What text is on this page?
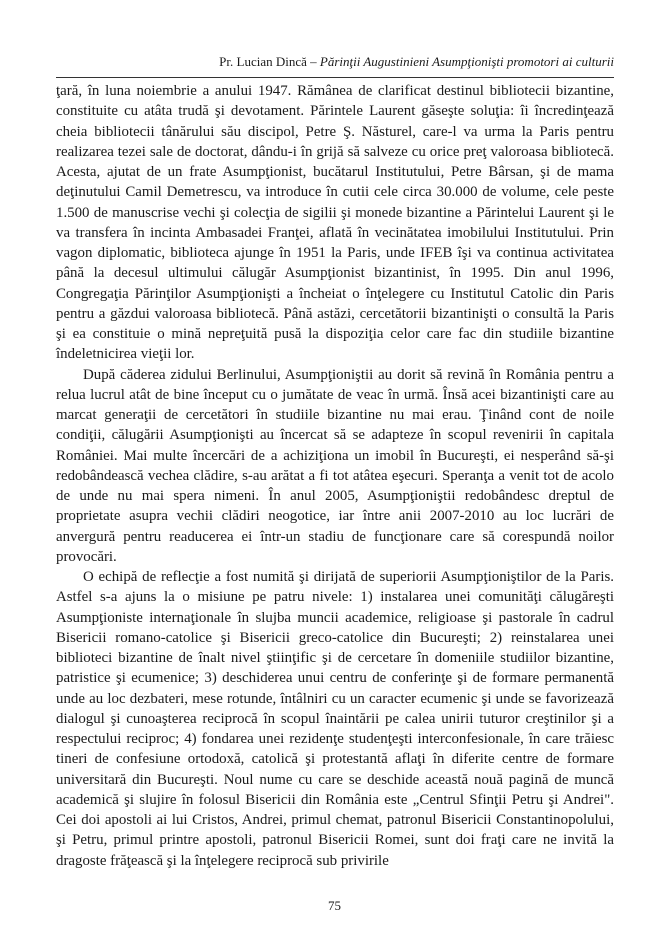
Pr. Lucian Dincă – Părinţii Augustinieni Asumpţionişti promotori ai culturii

ţară, în luna noiembrie a anului 1947. Rămânea de clarificat destinul bibliotecii bizantine, constituite cu atâta trudă şi devotament. Părintele Laurent găseşte soluţia: îi încredinţează cheia bibliotecii tânărului său discipol, Petre Ş. Năsturel, care-l va urma la Paris pentru realizarea tezei sale de doctorat, dându-i în grijă să salveze cu orice preţ valoroasa bibliotecă. Acesta, ajutat de un frate Asumpţionist, bucătarul Institutului, Petre Bârsan, şi de mama deţinutului Camil Demetrescu, va introduce în cutii cele circa 30.000 de volume, cele peste 1.500 de manuscrise vechi şi colecţia de sigilii şi monede bizantine a Părintelui Laurent şi le va transfera în incinta Ambasadei Franţei, aflată în vecinătatea imobilului Institutului. Prin vagon diplomatic, biblioteca ajunge în 1951 la Paris, unde IFEB îşi va continua activitatea până la decesul ultimului călugăr Asumpţionist bizantinist, în 1995. Din anul 1996, Congregaţia Părinţilor Asumpţionişti a încheiat o înţelegere cu Institutul Catolic din Paris pentru a găzdui valoroasa bibliotecă. Până astăzi, cercetătorii bizantinişti o consultă la Paris şi ea constituie o mină nepreţuită pusă la dispoziţia celor care fac din studiile bizantine îndeletnicirea vieţii lor.

După căderea zidului Berlinului, Asumpţioniştii au dorit să revină în România pentru a relua lucrul atât de bine început cu o jumătate de veac în urmă. Însă acei bizantinişti care au marcat generaţii de cercetători în studiile bizantine nu mai erau. Ţinând cont de noile condiţii, călugării Asumpţionişti au încercat să se adapteze în scopul revenirii în capitala României. Mai multe încercări de a achiziţiona un imobil în Bucureşti, ei nesperând să-şi redobândească vechea clădire, s-au arătat a fi tot atâtea eşecuri. Speranţa a venit tot de acolo de unde nu mai spera nimeni. În anul 2005, Asumpţioniştii redobândesc dreptul de proprietate asupra vechii clădiri neogotice, iar între anii 2007-2010 au loc lucrări de anvergură pentru readucerea ei într-un stadiu de funcţionare care să corespundă noilor provocări.

O echipă de reflecţie a fost numită şi dirijată de superiorii Asumpţioniştilor de la Paris. Astfel s-a ajuns la o misiune pe patru nivele: 1) instalarea unei comunităţi călugăreşti Asumpţioniste internaţionale în slujba muncii academice, religioase şi pastorale în cadrul Bisericii romano-catolice şi Bisericii greco-catolice din Bucureşti; 2) reinstalarea unei biblioteci bizantine de înalt nivel ştiinţific şi de cercetare în domeniile studiilor bizantine, patristice şi ecumenice; 3) deschiderea unui centru de conferinţe şi de formare permanentă unde au loc dezbateri, mese rotunde, întâlniri cu un caracter ecumenic şi unde se favorizează dialogul şi cunoaşterea reciprocă în scopul înaintării pe calea unirii tuturor creştinilor şi a respectului reciproc; 4) fondarea unei rezidenţe studenţeşti interconfesionale, în care trăiesc tineri de confesiune ortodoxă, catolică şi protestantă aflaţi în diferite centre de formare universitară din Bucureşti. Noul nume cu care se deschide această nouă pagină de muncă academică şi slujire în folosul Bisericii din România este „Centrul Sfinţii Petru şi Andrei". Cei doi apostoli ai lui Cristos, Andrei, primul chemat, patronul Bisericii Constantinopolului, şi Petru, primul printre apostoli, patronul Bisericii Romei, sunt doi fraţi care ne invită la dragoste frăţească şi la înţelegere reciprocă sub privirile

75
